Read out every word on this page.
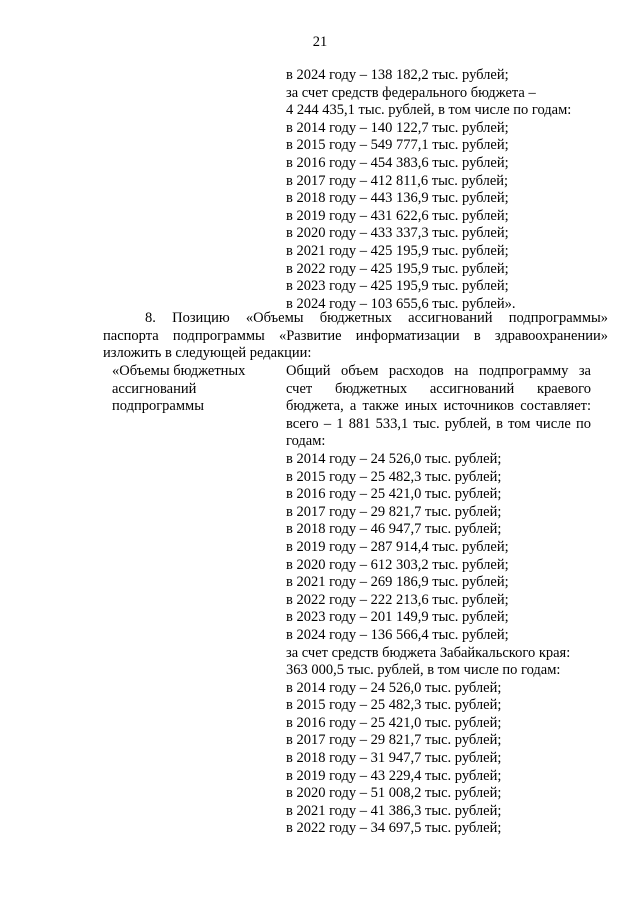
21
в 2024 году – 138 182,2 тыс. рублей;
за счет средств федерального бюджета –
4 244 435,1 тыс. рублей, в том числе по годам:
в 2014 году – 140 122,7 тыс. рублей;
в 2015 году – 549 777,1 тыс. рублей;
в 2016 году – 454 383,6 тыс. рублей;
в 2017 году – 412 811,6 тыс. рублей;
в 2018 году – 443 136,9 тыс. рублей;
в 2019 году – 431 622,6 тыс. рублей;
в 2020 году – 433 337,3 тыс. рублей;
в 2021 году – 425 195,9 тыс. рублей;
в 2022 году – 425 195,9 тыс. рублей;
в 2023 году – 425 195,9 тыс. рублей;
в 2024 году – 103 655,6 тыс. рублей».
8. Позицию «Объемы бюджетных ассигнований подпрограммы»
паспорта подпрограммы «Развитие информатизации в здравоохранении»
изложить в следующей редакции:
«Объемы бюджетных
ассигнований
подпрограммы
Общий объем расходов на подпрограмму за
счет бюджетных ассигнований краевого
бюджета, а также иных источников составляет:
всего – 1 881 533,1 тыс. рублей, в том числе по
годам:
в 2014 году – 24 526,0 тыс. рублей;
в 2015 году – 25 482,3 тыс. рублей;
в 2016 году – 25 421,0 тыс. рублей;
в 2017 году – 29 821,7 тыс. рублей;
в 2018 году – 46 947,7 тыс. рублей;
в 2019 году – 287 914,4 тыс. рублей;
в 2020 году – 612 303,2 тыс. рублей;
в 2021 году – 269 186,9 тыс. рублей;
в 2022 году – 222 213,6 тыс. рублей;
в 2023 году – 201 149,9 тыс. рублей;
в 2024 году – 136 566,4 тыс. рублей;
за счет средств бюджета Забайкальского края:
363 000,5 тыс. рублей, в том числе по годам:
в 2014 году – 24 526,0 тыс. рублей;
в 2015 году – 25 482,3 тыс. рублей;
в 2016 году – 25 421,0 тыс. рублей;
в 2017 году – 29 821,7 тыс. рублей;
в 2018 году – 31 947,7 тыс. рублей;
в 2019 году – 43 229,4 тыс. рублей;
в 2020 году – 51 008,2 тыс. рублей;
в 2021 году – 41 386,3 тыс. рублей;
в 2022 году – 34 697,5 тыс. рублей;
